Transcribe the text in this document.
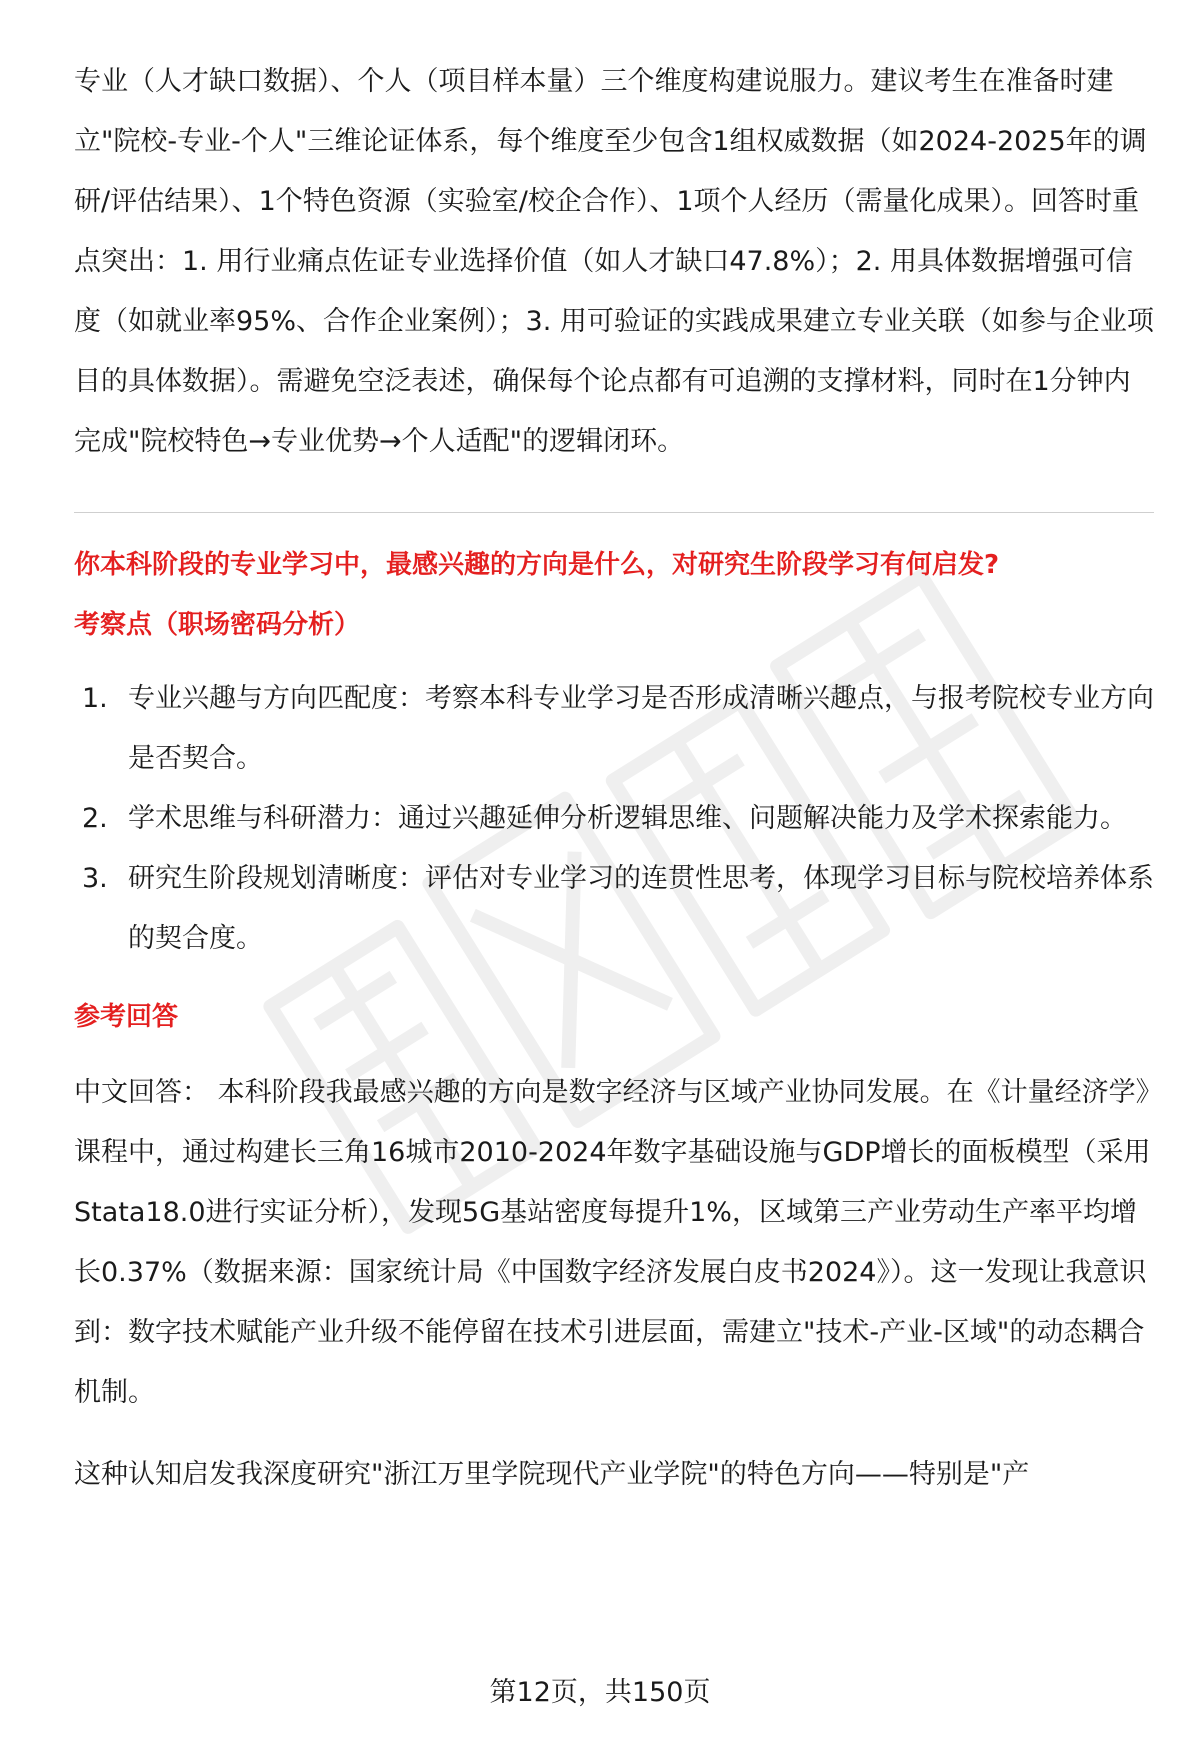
专业（人才缺口数据）、个人（项目样本量）三个维度构建说服力。建议考生在准备时建立"院校-专业-个人"三维论证体系，每个维度至少包含1组权威数据（如2024-2025年的调研/评估结果）、1个特色资源（实验室/校企合作）、1项个人经历（需量化成果）。回答时重点突出：1. 用行业痛点佐证专业选择价值（如人才缺口47.8%）；2. 用具体数据增强可信度（如就业率95%、合作企业案例）；3. 用可验证的实践成果建立专业关联（如参与企业项目的具体数据）。需避免空泛表述，确保每个论点都有可追溯的支撑材料，同时在1分钟内完成"院校特色→专业优势→个人适配"的逻辑闭环。

你本科阶段的专业学习中，最感兴趣的方向是什么，对研究生阶段学习有何启发?

考察点（职场密码分析）

1. 专业兴趣与方向匹配度：考察本科专业学习是否形成清晰兴趣点，与报考院校专业方向是否契合。
2. 学术思维与科研潜力：通过兴趣延伸分析逻辑思维、问题解决能力及学术探索能力。
3. 研究生阶段规划清晰度：评估对专业学习的连贯性思考，体现学习目标与院校培养体系的契合度。

参考回答

中文回答： 本科阶段我最感兴趣的方向是数字经济与区域产业协同发展。在《计量经济学》课程中，通过构建长三角16城市2010-2024年数字基础设施与GDP增长的面板模型（采用Stata18.0进行实证分析），发现5G基站密度每提升1%，区域第三产业劳动生产率平均增长0.37%（数据来源：国家统计局《中国数字经济发展白皮书2024》）。这一发现让我意识到：数字技术赋能产业升级不能停留在技术引进层面，需建立"技术-产业-区域"的动态耦合机制。

这种认知启发我深度研究"浙江万里学院现代产业学院"的特色方向——特别是"产

第12页，共150页
